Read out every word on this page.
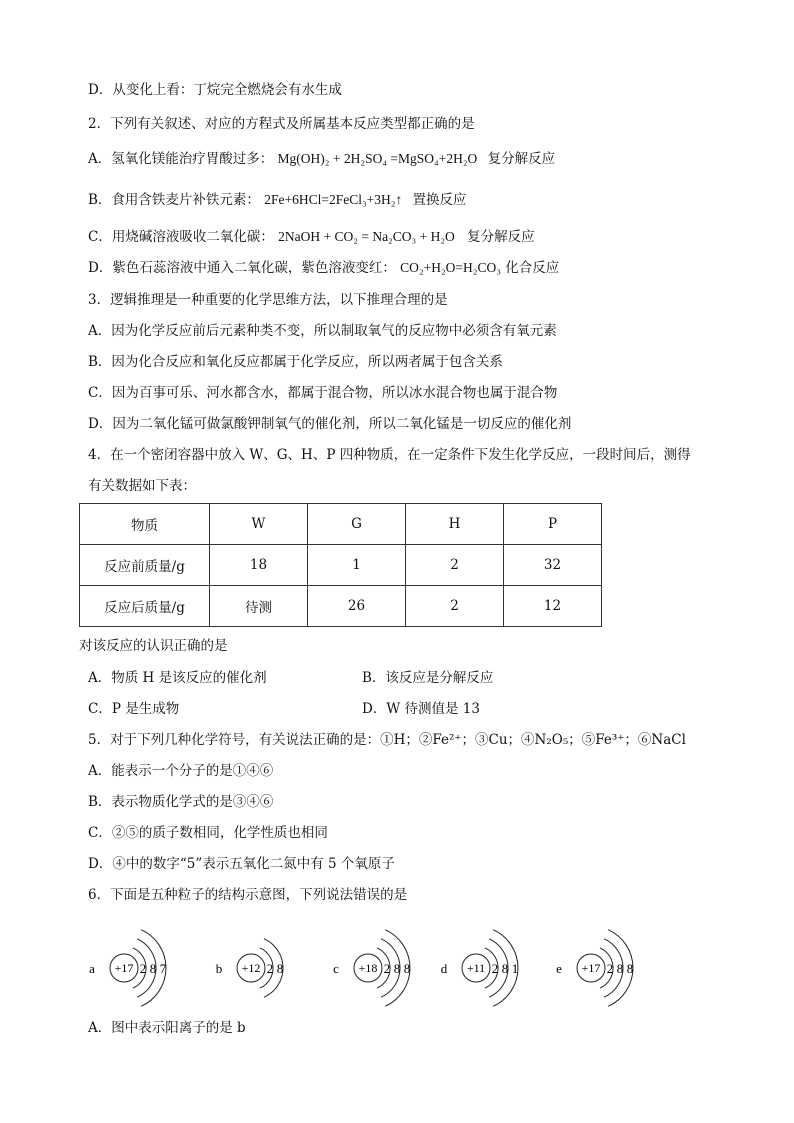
D．从变化上看：丁烷完全燃烧会有水生成
2．下列有关叙述、对应的方程式及所属基本反应类型都正确的是
A．氢氧化镁能治疗胃酸过多： Mg(OH)₂ + 2H₂SO₄ =MgSO₄+2H₂O 复分解反应
B．食用含铁麦片补铁元素： 2Fe+6HCl=2FeCl₃+3H₂↑ 置换反应
C．用烧碱溶液吸收二氧化碳： 2NaOH + CO₂ = Na₂CO₃ + H₂O 复分解反应
D．紫色石蕊溶液中通入二氧化碳，紫色溶液变红： CO₂+H₂O=H₂CO₃ 化合反应
3．逻辑推理是一种重要的化学思维方法，以下推理合理的是
A．因为化学反应前后元素种类不变，所以制取氧气的反应物中必须含有氧元素
B．因为化合反应和氧化反应都属于化学反应，所以两者属于包含关系
C．因为百事可乐、河水都含水，都属于混合物，所以冰水混合物也属于混合物
D．因为二氧化锰可做氯酸钾制氧气的催化剂，所以二氧化锰是一切反应的催化剂
4．在一个密闭容器中放入 W、G、H、P 四种物质，在一定条件下发生化学反应，一段时间后，测得
有关数据如下表：
物质	W	G	H	P
反应前质量/g	18	1	2	32
反应后质量/g	待测	26	2	12
对该反应的认识正确的是
A．物质 H 是该反应的催化剂	B．该反应是分解反应
C．P 是生成物	D．W 待测值是 13
5．对于下列几种化学符号，有关说法正确的是：①H；②Fe²⁺；③Cu；④N₂O₅；⑤Fe³⁺；⑥NaCl
A．能表示一个分子的是①④⑥
B．表示物质化学式的是③④⑥
C．②⑤的质子数相同，化学性质也相同
D．④中的数字“5”表示五氧化二氮中有 5 个氧原子
6．下面是五种粒子的结构示意图，下列说法错误的是
a +17 2 8 7	b +12 2 8	c +18 2 8 8 d +11 2 8 1	e +17 2 8 8
A．图中表示阳离子的是 b
